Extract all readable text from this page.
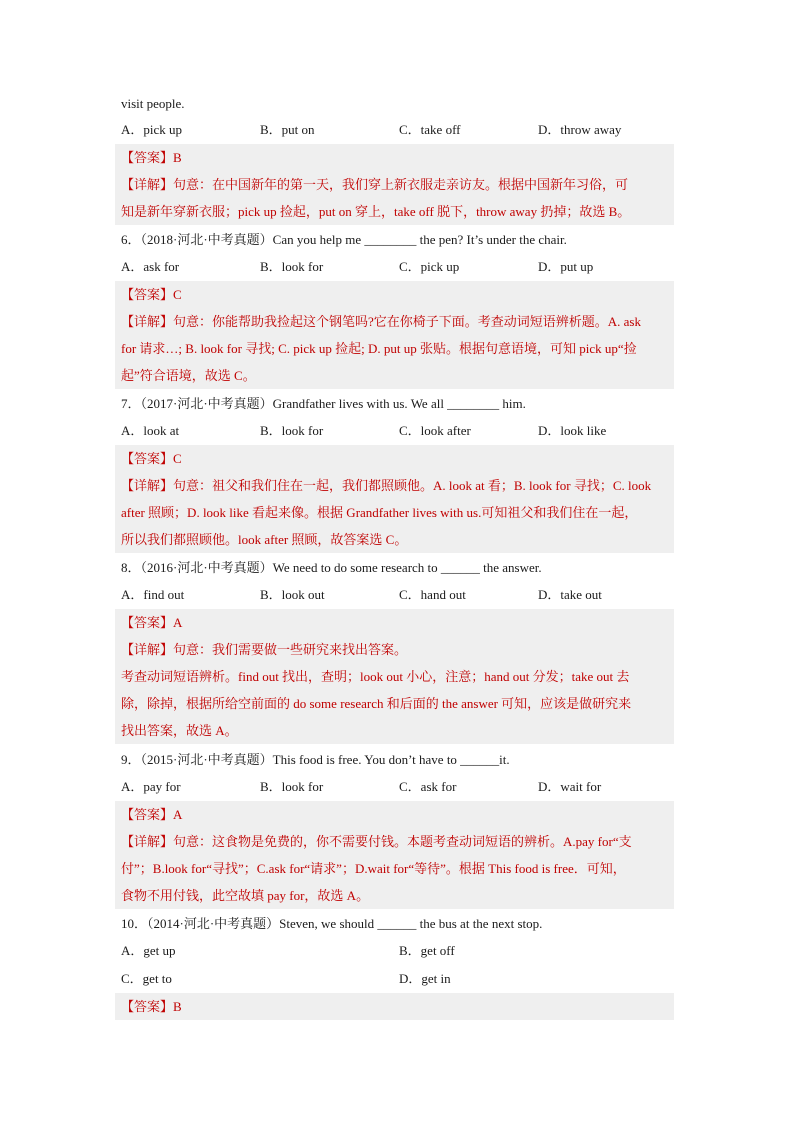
visit people.
A．pick up	B．put on	C．take off	D．throw away
【答案】B
【详解】句意：在中国新年的第一天，我们穿上新衣服走亲访友。根据中国新年习俗，可
知是新年穿新衣服；pick up 捡起，put on 穿上，take off 脱下，throw away 扔掉；故选 B。
6．（2018·河北·中考真题）Can you help me ________ the pen? It’s under the chair.
A．ask for	B．look for	C．pick up	D．put up
【答案】C
【详解】句意：你能帮助我捡起这个钢笔吗?它在你椅子下面。考查动词短语辨析题。A. ask
for 请求…; B. look for 寻找; C. pick up 捡起; D. put up 张贴。根据句意语境，可知 pick up“捡
起”符合语境，故选 C。
7．（2017·河北·中考真题）Grandfather lives with us. We all ________ him.
A．look at	B．look for	C．look after	D．look like
【答案】C
【详解】句意：祖父和我们住在一起，我们都照顾他。A. look at 看；B. look for 寻找；C. look
after 照顾；D. look like 看起来像。根据 Grandfather lives with us.可知祖父和我们住在一起，
所以我们都照顾他。look after 照顾，故答案选 C。
8．（2016·河北·中考真题）We need to do some research to ______ the answer.
A．find out	B．look out	C．hand out	D．take out
【答案】A
【详解】句意：我们需要做一些研究来找出答案。
考查动词短语辨析。find out 找出，查明；look out 小心，注意；hand out 分发；take out 去
除，除掉，根据所给空前面的 do some research 和后面的 the answer 可知，应该是做研究来
找出答案，故选 A。
9．（2015·河北·中考真题）This food is free. You don’t have to ______it.
A．pay for	B．look for	C．ask for	D．wait for
【答案】A
【详解】句意：这食物是免费的，你不需要付钱。本题考查动词短语的辨析。A.pay for“支
付”；B.look for“寻找”；C.ask for“请求”；D.wait for“等待”。根据 This food is free．可知，
食物不用付钱，此空故填 pay for，故选 A。
10．（2014·河北·中考真题）Steven, we should ______ the bus at the next stop.
A．get up	B．get off
C．get to	D．get in
【答案】B
